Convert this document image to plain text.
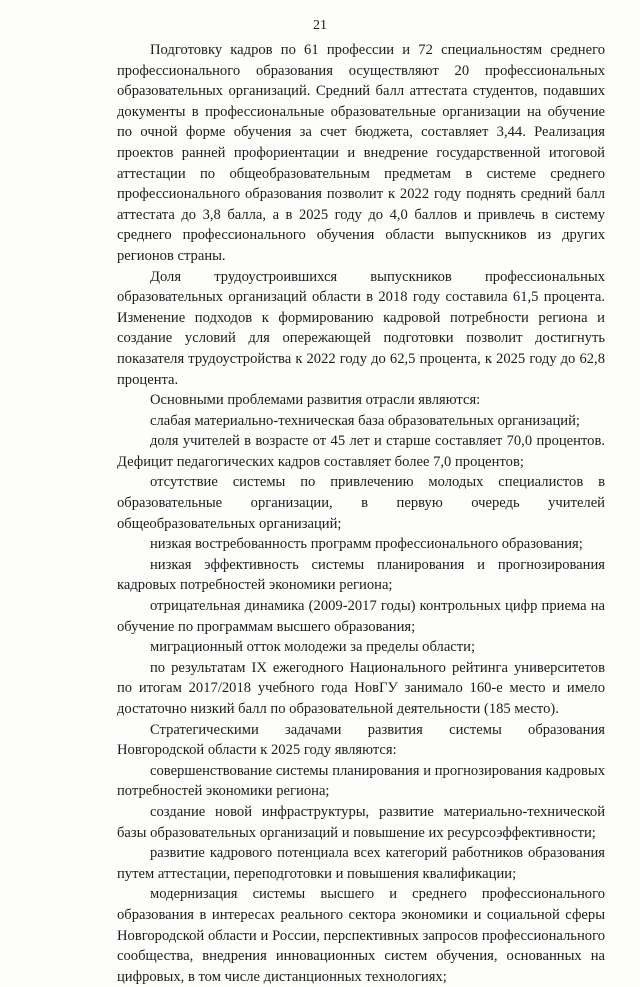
21

Подготовку кадров по 61 профессии и 72 специальностям среднего профессионального образования осуществляют 20 профессиональных образовательных организаций. Средний балл аттестата студентов, подавших документы в профессиональные образовательные организации на обучение по очной форме обучения за счет бюджета, составляет 3,44. Реализация проектов ранней профориентации и внедрение государственной итоговой аттестации по общеобразовательным предметам в системе среднего профессионального образования позволит к 2022 году поднять средний балл аттестата до 3,8 балла, а в 2025 году до 4,0 баллов и привлечь в систему среднего профессионального обучения области выпускников из других регионов страны.

Доля трудоустроившихся выпускников профессиональных образовательных организаций области в 2018 году составила 61,5 процента. Изменение подходов к формированию кадровой потребности региона и создание условий для опережающей подготовки позволит достигнуть показателя трудоустройства к 2022 году до 62,5 процента, к 2025 году до 62,8 процента.

Основными проблемами развития отрасли являются:

слабая материально-техническая база образовательных организаций;

доля учителей в возрасте от 45 лет и старше составляет 70,0 процентов. Дефицит педагогических кадров составляет более 7,0 процентов;

отсутствие системы по привлечению молодых специалистов в образовательные организации, в первую очередь учителей общеобразовательных организаций;

низкая востребованность программ профессионального образования;

низкая эффективность системы планирования и прогнозирования кадровых потребностей экономики региона;

отрицательная динамика (2009-2017 годы) контрольных цифр приема на обучение по программам высшего образования;

миграционный отток молодежи за пределы области;

по результатам IX ежегодного Национального рейтинга университетов по итогам 2017/2018 учебного года НовГУ занимало 160-е место и имело достаточно низкий балл по образовательной деятельности (185 место).

Стратегическими задачами развития системы образования Новгородской области к 2025 году являются:

совершенствование системы планирования и прогнозирования кадровых потребностей экономики региона;

создание новой инфраструктуры, развитие материально-технической базы образовательных организаций и повышение их ресурсоэффективности;

развитие кадрового потенциала всех категорий работников образования путем аттестации, переподготовки и повышения квалификации;

модернизация системы высшего и среднего профессионального образования в интересах реального сектора экономики и социальной сферы Новгородской области и России, перспективных запросов профессионального сообщества, внедрения инновационных систем обучения, основанных на цифровых, в том числе дистанционных технологиях;
